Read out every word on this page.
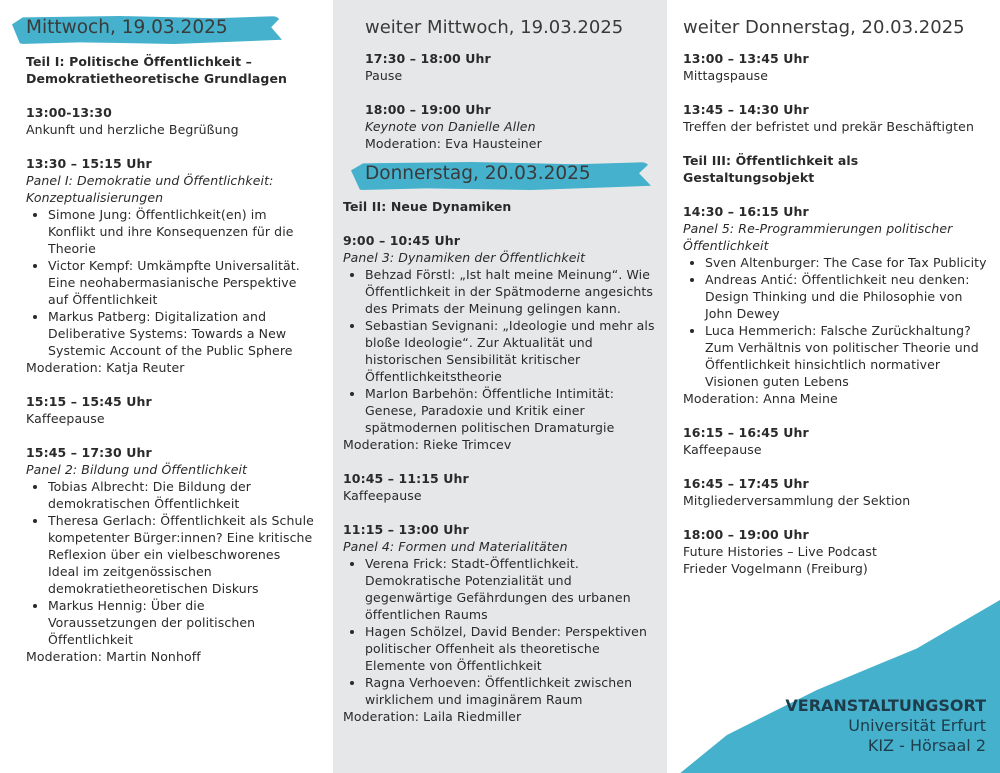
Mittwoch, 19.03.2025
Teil I: Politische Öffentlichkeit – Demokratietheoretische Grundlagen
13:00-13:30
Ankunft und herzliche Begrüßung
13:30 – 15:15 Uhr
Panel I: Demokratie und Öffentlichkeit: Konzeptualisierungen
• Simone Jung: Öffentlichkeit(en) im Konflikt und ihre Konsequenzen für die Theorie
• Victor Kempf: Umkämpfte Universalität. Eine neohabermasianische Perspektive auf Öffentlichkeit
• Markus Patberg: Digitalization and Deliberative Systems: Towards a New Systemic Account of the Public Sphere
Moderation: Katja Reuter
15:15 – 15:45 Uhr
Kaffeepause
15:45 – 17:30 Uhr
Panel 2: Bildung und Öffentlichkeit
• Tobias Albrecht: Die Bildung der demokratischen Öffentlichkeit
• Theresa Gerlach: Öffentlichkeit als Schule kompetenter Bürger:innen? Eine kritische Reflexion über ein vielbeschworenes Ideal im zeitgenössischen demokratietheoretischen Diskurs
• Markus Hennig: Über die Voraussetzungen der politischen Öffentlichkeit
Moderation: Martin Nonhoff
weiter Mittwoch, 19.03.2025
17:30 – 18:00 Uhr
Pause
18:00 – 19:00 Uhr
Keynote von Danielle Allen
Moderation: Eva Hausteiner
Donnerstag, 20.03.2025
Teil II: Neue Dynamiken
9:00 – 10:45 Uhr
Panel 3: Dynamiken der Öffentlichkeit
• Behzad Förstl: „Ist halt meine Meinung“. Wie Öffentlichkeit in der Spätmoderne angesichts des Primats der Meinung gelingen kann.
• Sebastian Sevignani: „Ideologie und mehr als bloße Ideologie“. Zur Aktualität und historischen Sensibilität kritischer Öffentlichkeitstheorie
• Marlon Barbehön: Öffentliche Intimität: Genese, Paradoxie und Kritik einer spätmodernen politischen Dramaturgie
Moderation: Rieke Trimcev
10:45 – 11:15 Uhr
Kaffeepause
11:15 – 13:00 Uhr
Panel 4: Formen und Materialitäten
• Verena Frick: Stadt-Öffentlichkeit. Demokratische Potenzialität und gegenwärtige Gefährdungen des urbanen öffentlichen Raums
• Hagen Schölzel, David Bender: Perspektiven politischer Offenheit als theoretische Elemente von Öffentlichkeit
• Ragna Verhoeven: Öffentlichkeit zwischen wirklichem und imaginärem Raum
Moderation: Laila Riedmiller
weiter Donnerstag, 20.03.2025
13:00 – 13:45 Uhr
Mittagspause
13:45 – 14:30 Uhr
Treffen der befristet und prekär Beschäftigten
Teil III: Öffentlichkeit als Gestaltungsobjekt
14:30 – 16:15 Uhr
Panel 5: Re-Programmierungen politischer Öffentlichkeit
• Sven Altenburger: The Case for Tax Publicity
• Andreas Antić: Öffentlichkeit neu denken: Design Thinking und die Philosophie von John Dewey
• Luca Hemmerich: Falsche Zurückhaltung? Zum Verhältnis von politischer Theorie und Öffentlichkeit hinsichtlich normativer Visionen guten Lebens
Moderation: Anna Meine
16:15 – 16:45 Uhr
Kaffeepause
16:45 – 17:45 Uhr
Mitgliederversammlung der Sektion
18:00 – 19:00 Uhr
Future Histories – Live Podcast
Frieder Vogelmann (Freiburg)
VERANSTALTUNGSORT
Universität Erfurt
KIZ - Hörsaal 2
